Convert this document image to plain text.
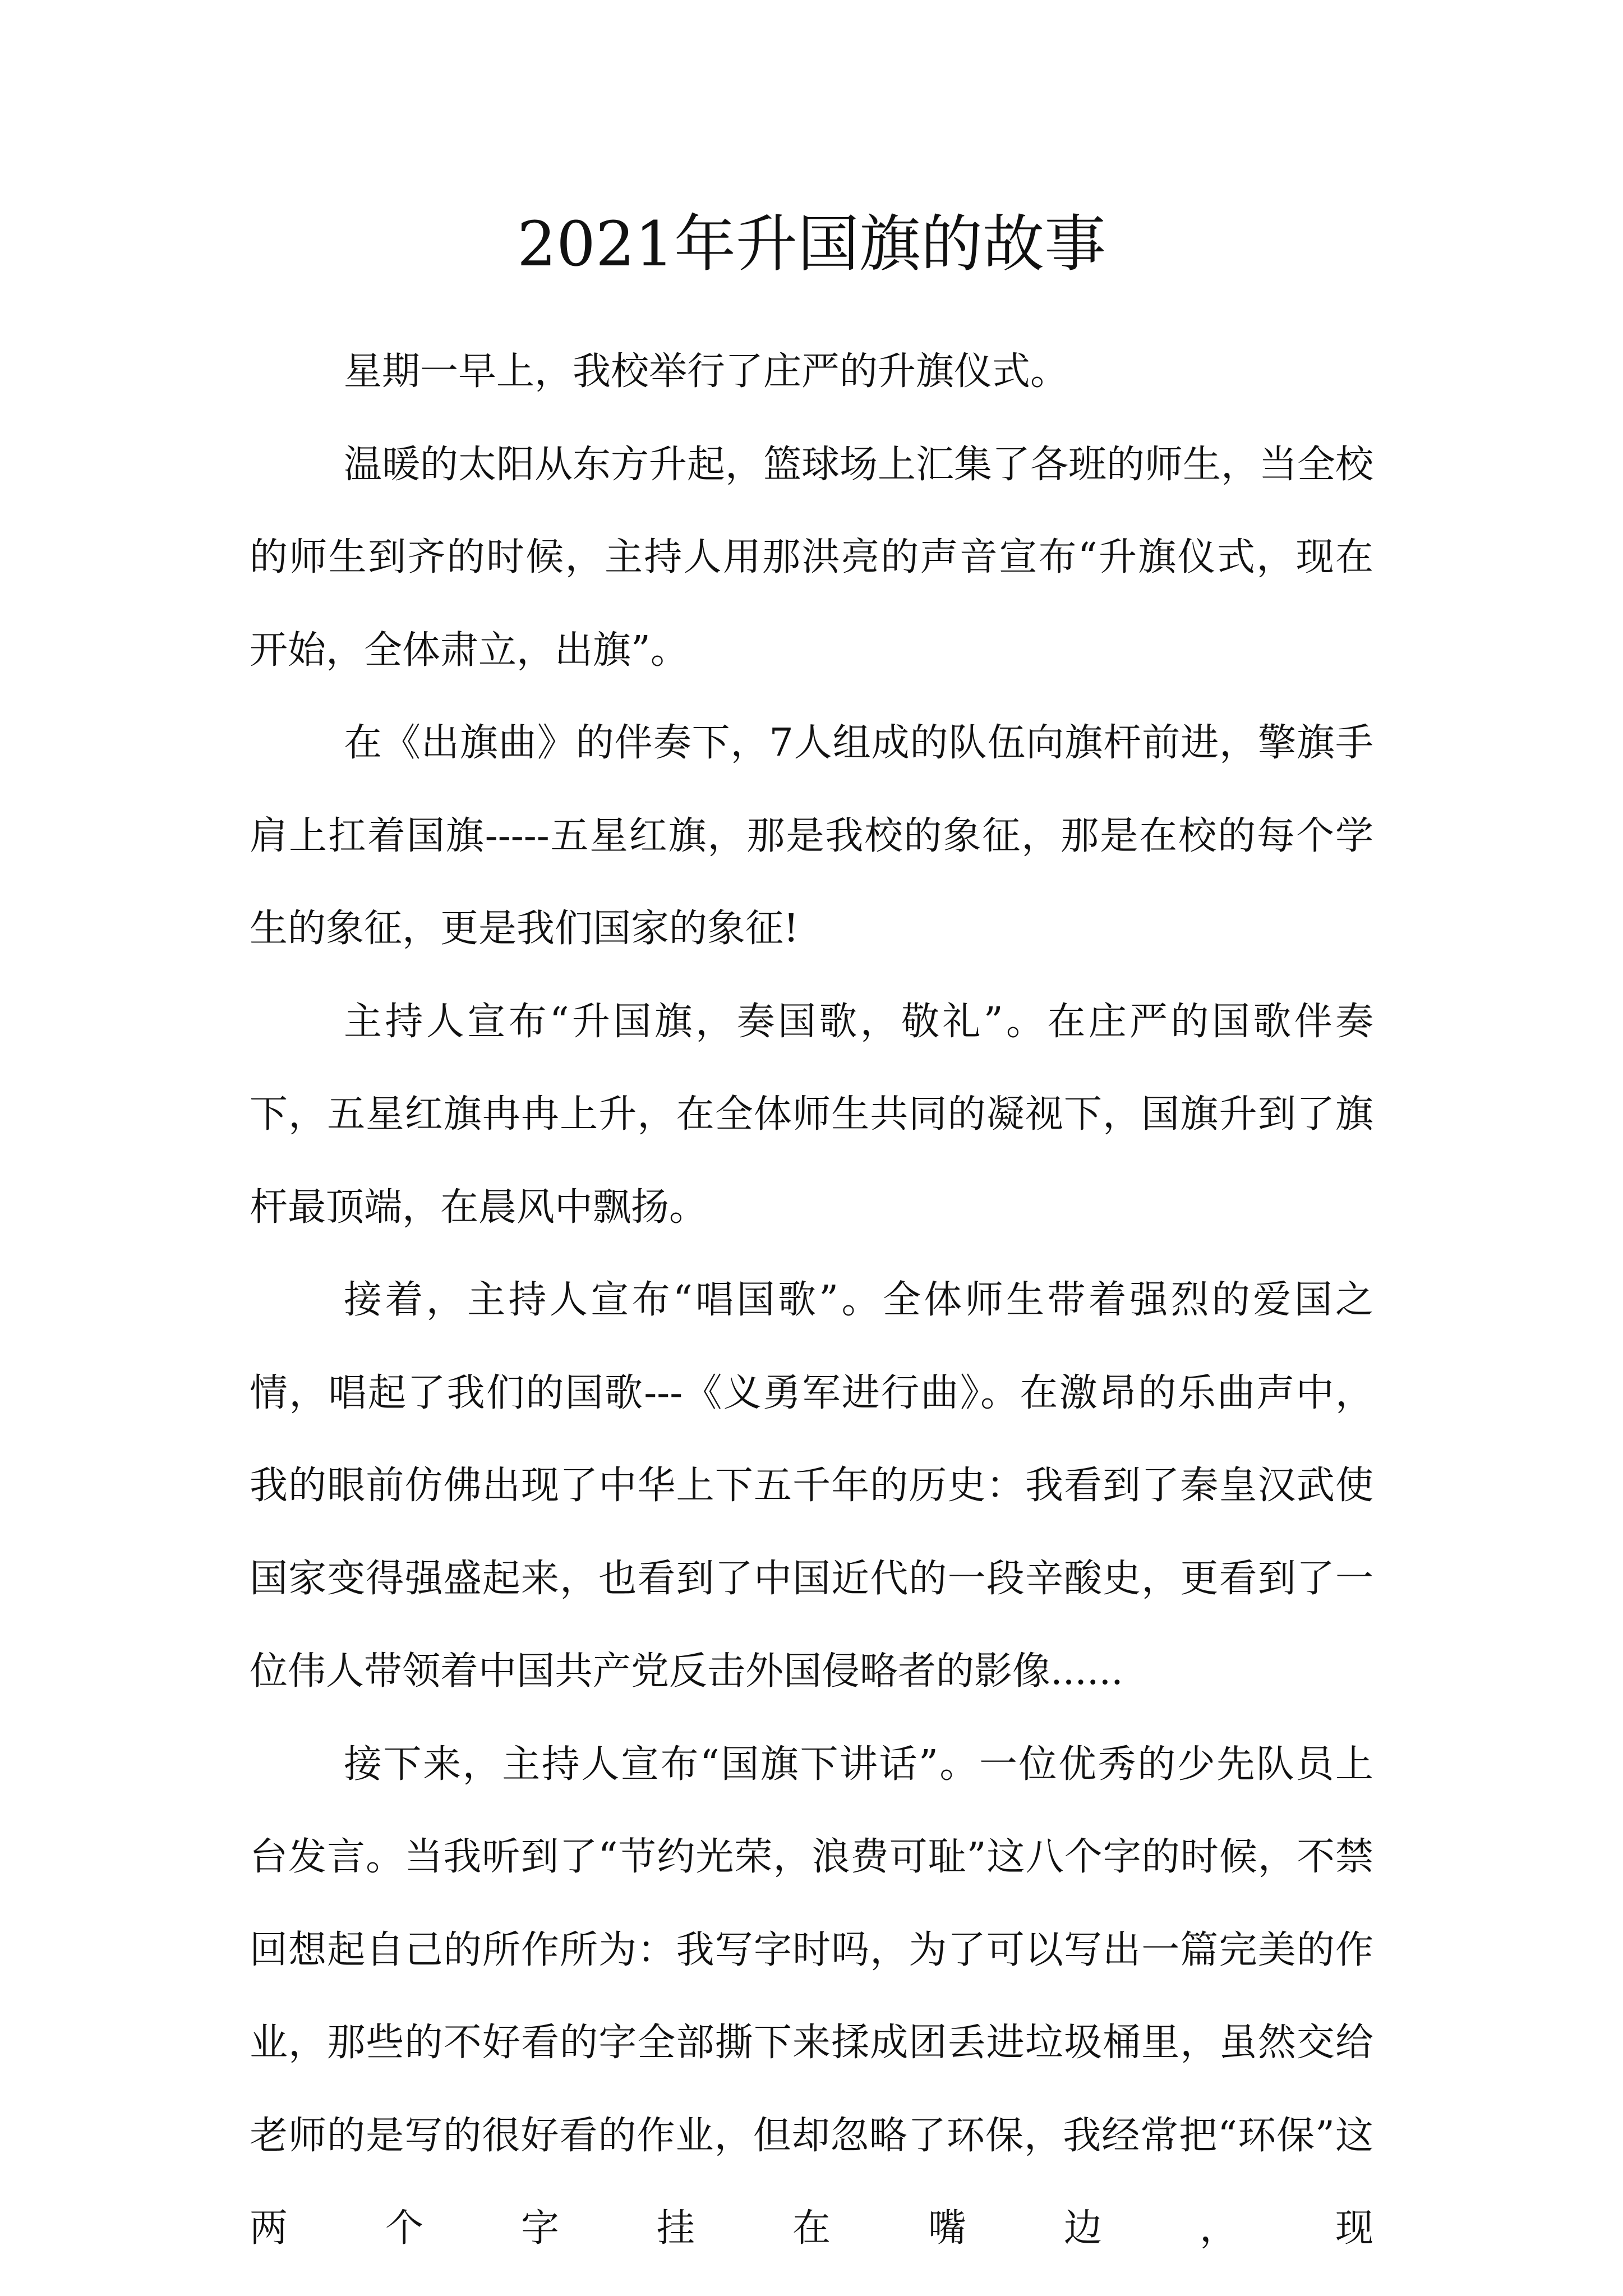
2021年升国旗的故事

星期一早上，我校举行了庄严的升旗仪式。

温暖的太阳从东方升起，篮球场上汇集了各班的师生，当全校的师生到齐的时候，主持人用那洪亮的声音宣布“升旗仪式，现在开始，全体肃立，出旗”。

在《出旗曲》的伴奏下，7人组成的队伍向旗杆前进，擎旗手肩上扛着国旗-----五星红旗，那是我校的象征，那是在校的每个学生的象征，更是我们国家的象征!

主持人宣布“升国旗，奏国歌，敬礼”。在庄严的国歌伴奏下，五星红旗冉冉上升，在全体师生共同的凝视下，国旗升到了旗杆最顶端，在晨风中飘扬。

接着，主持人宣布“唱国歌”。全体师生带着强烈的爱国之情，唱起了我们的国歌---《义勇军进行曲》。在激昂的乐曲声中，我的眼前仿佛出现了中华上下五千年的历史：我看到了秦皇汉武使国家变得强盛起来，也看到了中国近代的一段辛酸史，更看到了一位伟人带领着中国共产党反击外国侵略者的影像......

接下来，主持人宣布“国旗下讲话”。一位优秀的少先队员上台发言。当我听到了“节约光荣，浪费可耻”这八个字的时候，不禁回想起自己的所作所为：我写字时吗，为了可以写出一篇完美的作业，那些的不好看的字全部撕下来揉成团丢进垃圾桶里，虽然交给老师的是写的很好看的作业，但却忽略了环保，我经常把“环保”这两个字挂在嘴边，现
